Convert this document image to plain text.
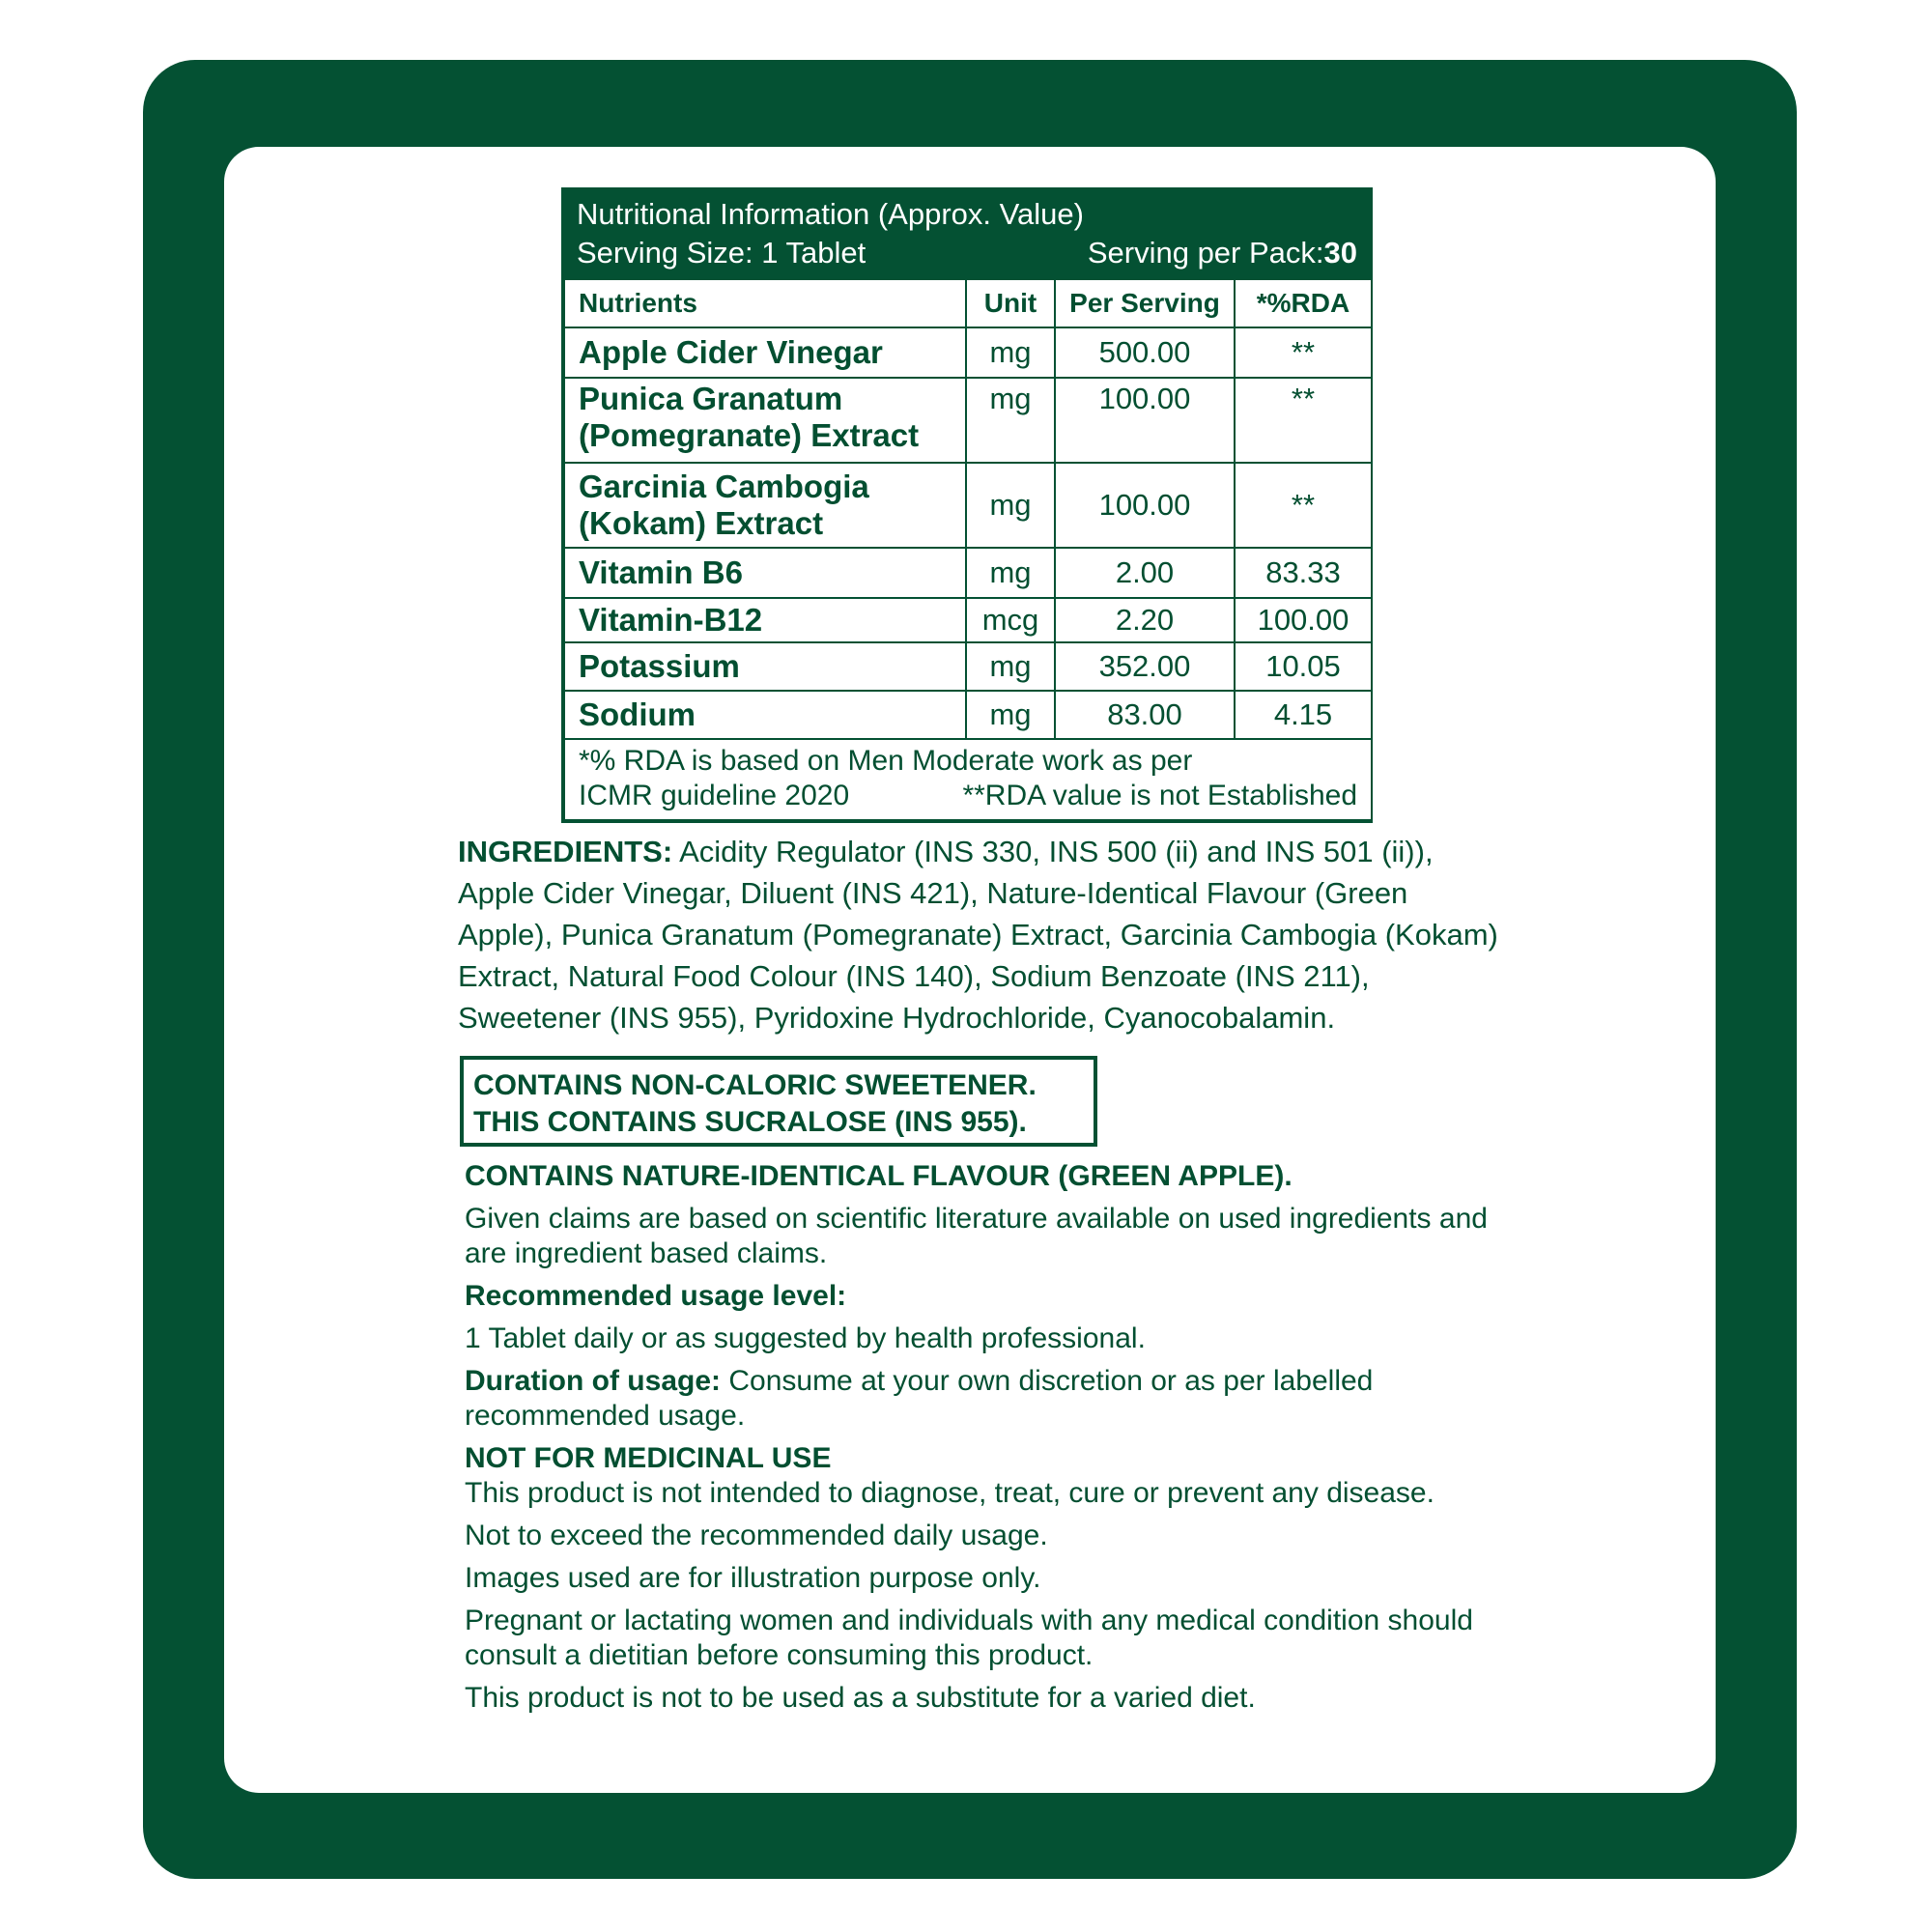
Nutritional Information (Approx. Value)
Serving Size: 1 Tablet	Serving per Pack:30
Nutrients	Unit	Per Serving	*%RDA
Apple Cider Vinegar	mg	500.00	**
Punica Granatum (Pomegranate) Extract	mg	100.00	**
Garcinia Cambogia (Kokam) Extract	mg	100.00	**
Vitamin B6	mg	2.00	83.33
Vitamin-B12	mcg	2.20	100.00
Potassium	mg	352.00	10.05
Sodium	mg	83.00	4.15

*% RDA is based on Men Moderate work as per
ICMR guideline 2020 **RDA value is not Established			
INGREDIENTS: Acidity Regulator (INS 330, INS 500 (ii) and INS 501 (ii)), Apple Cider Vinegar, Diluent (INS 421), Nature-Identical Flavour (Green Apple), Punica Granatum (Pomegranate) Extract, Garcinia Cambogia (Kokam) Extract, Natural Food Colour (INS 140), Sodium Benzoate (INS 211), Sweetener (INS 955), Pyridoxine Hydrochloride, Cyanocobalamin.
CONTAINS NON-CALORIC SWEETENER.
THIS CONTAINS SUCRALOSE (INS 955).

CONTAINS NATURE-IDENTICAL FLAVOUR (GREEN APPLE).

Given claims are based on scientific literature available on used ingredients and are ingredient based claims.

Recommended usage level:

1 Tablet daily or as suggested by health professional.

Duration of usage: Consume at your own discretion or as per labelled recommended usage.

NOT FOR MEDICINAL USE

This product is not intended to diagnose, treat, cure or prevent any disease.

Not to exceed the recommended daily usage.

Images used are for illustration purpose only.

Pregnant or lactating women and individuals with any medical condition should consult a dietitian before consuming this product.

This product is not to be used as a substitute for a varied diet.
